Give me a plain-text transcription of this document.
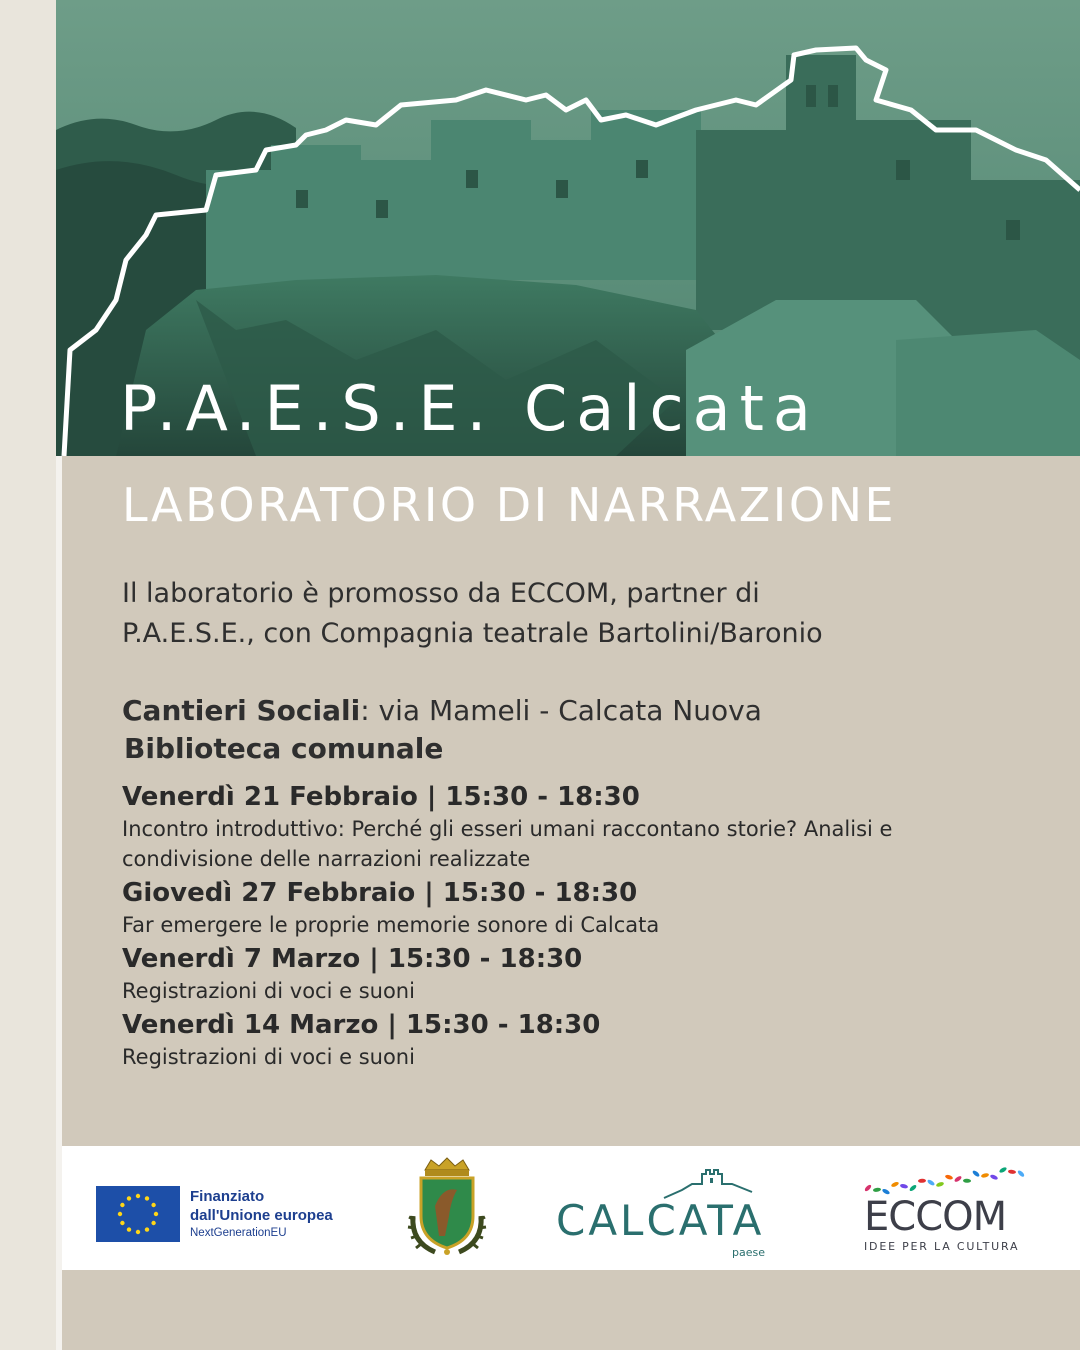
P.A.E.S.E. Calcata
LABORATORIO DI NARRAZIONE
Il laboratorio è promosso da ECCOM, partner di
P.A.E.S.E., con Compagnia teatrale Bartolini/Baronio
Cantieri Sociali: via Mameli - Calcata Nuova
Biblioteca comunale
Venerdì 21 Febbraio | 15:30 - 18:30
Incontro introduttivo: Perché gli esseri umani raccontano storie? Analisi e
condivisione delle narrazioni realizzate
Giovedì 27 Febbraio | 15:30 - 18:30
Far emergere le proprie memorie sonore di Calcata
Venerdì 7 Marzo | 15:30 - 18:30
Registrazioni di voci e suoni
Venerdì 14 Marzo | 15:30 - 18:30
Registrazioni di voci e suoni
Finanziato
dall'Unione europea
NextGenerationEU	CALCATA
paese
ECCOM
IDEE PER LA CULTURA
